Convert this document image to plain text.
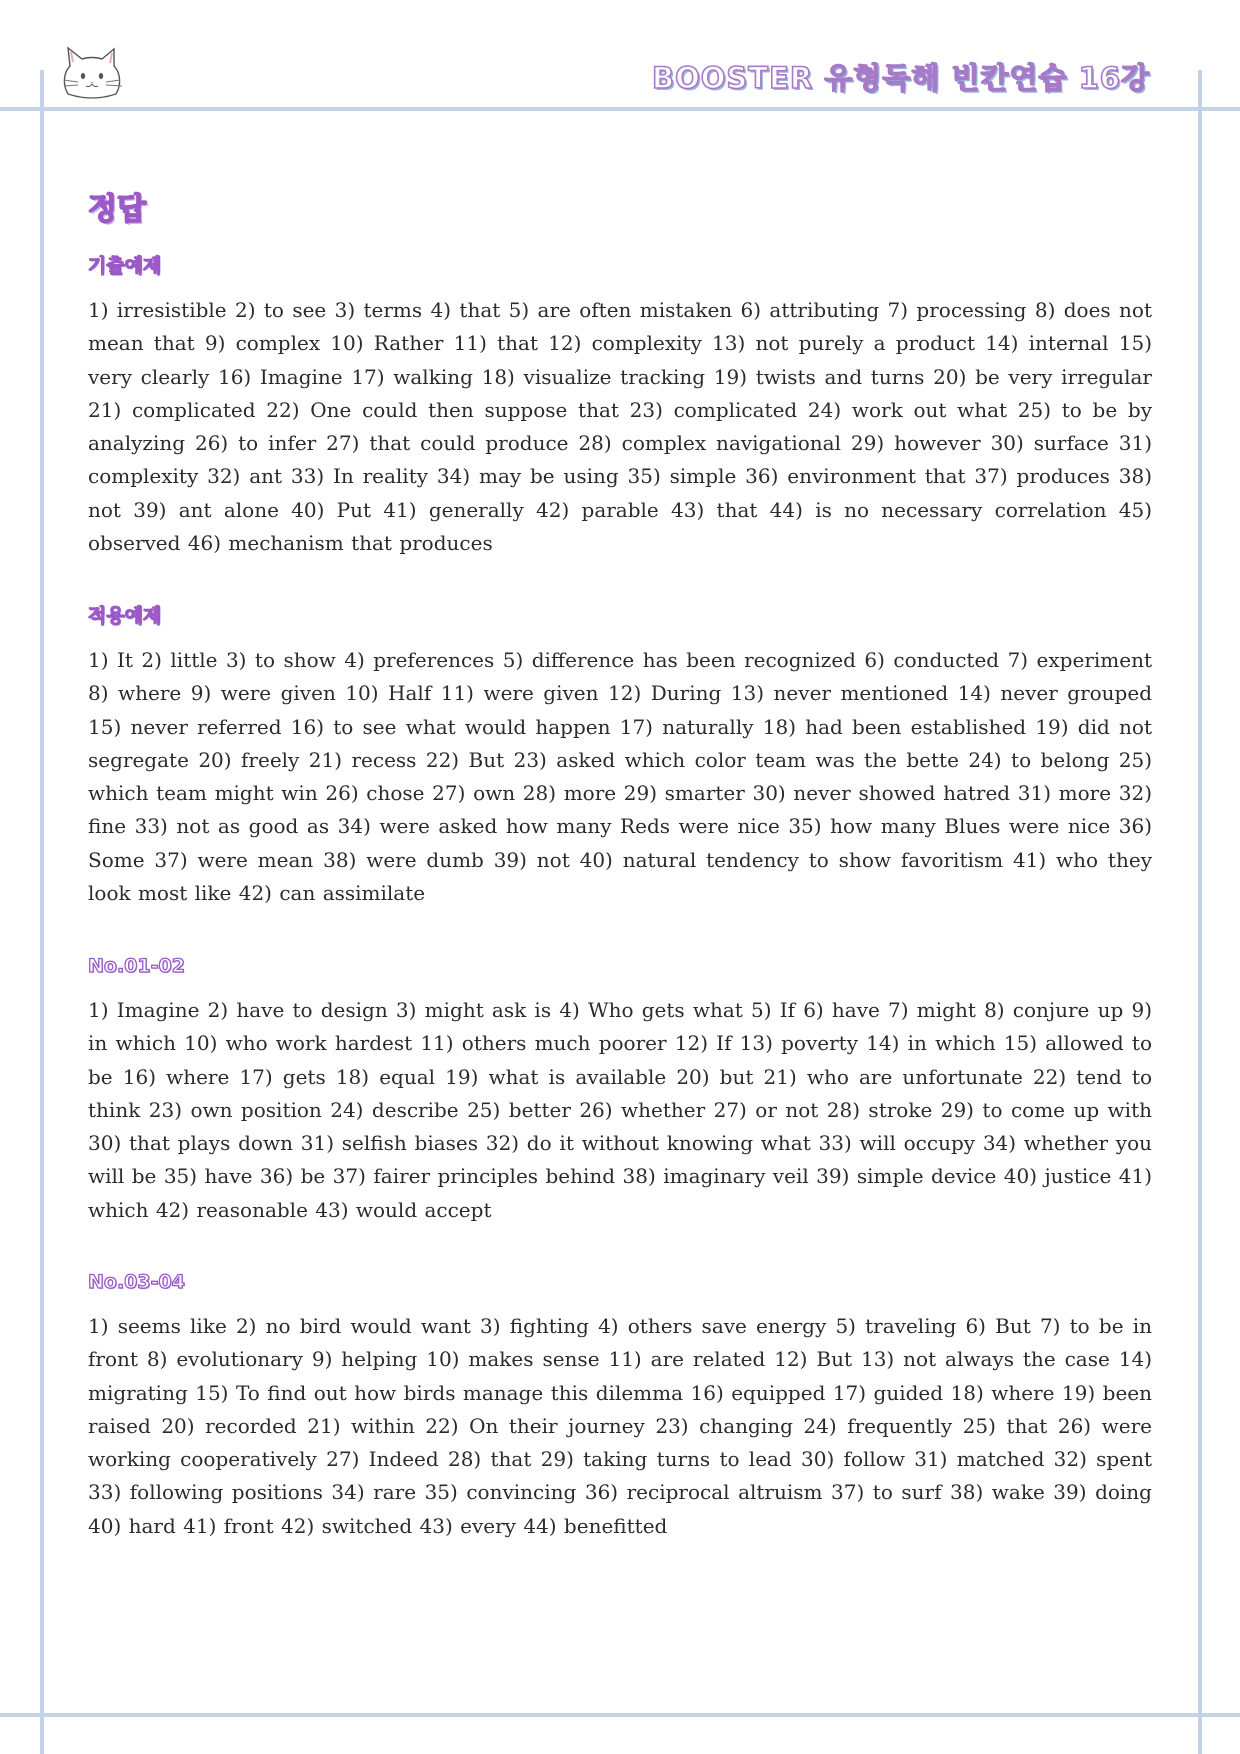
BOOSTER 유형독해 빈칸연습 16강
정답
기출예제

1) irresistible 2) to see 3) terms 4) that 5) are often mistaken 6) attributing 7) processing 8) does not mean that 9) complex 10) Rather 11) that 12) complexity 13) not purely a product 14) internal 15) very clearly 16) Imagine 17) walking 18) visualize tracking 19) twists and turns 20) be very irregular 21) complicated 22) One could then suppose that 23) complicated 24) work out what 25) to be by analyzing 26) to infer 27) that could produce 28) complex navigational 29) however 30) surface 31) complexity 32) ant 33) In reality 34) may be using 35) simple 36) environment that 37) produces 38) not 39) ant alone 40) Put 41) generally 42) parable 43) that 44) is no necessary correlation 45) observed 46) mechanism that produces

적용예제

1) It 2) little 3) to show 4) preferences 5) difference has been recognized 6) conducted 7) experiment 8) where 9) were given 10) Half 11) were given 12) During 13) never mentioned 14) never grouped 15) never referred 16) to see what would happen 17) naturally 18) had been established 19) did not segregate 20) freely 21) recess 22) But 23) asked which color team was the bette 24) to belong 25) which team might win 26) chose 27) own 28) more 29) smarter 30) never showed hatred 31) more 32) fine 33) not as good as 34) were asked how many Reds were nice 35) how many Blues were nice 36) Some 37) were mean 38) were dumb 39) not 40) natural tendency to show favoritism 41) who they look most like 42) can assimilate

No.01-02

1) Imagine 2) have to design 3) might ask is 4) Who gets what 5) If 6) have 7) might 8) conjure up 9) in which 10) who work hardest 11) others much poorer 12) If 13) poverty 14) in which 15) allowed to be 16) where 17) gets 18) equal 19) what is available 20) but 21) who are unfortunate 22) tend to think 23) own position 24) describe 25) better 26) whether 27) or not 28) stroke 29) to come up with 30) that plays down 31) selfish biases 32) do it without knowing what 33) will occupy 34) whether you will be 35) have 36) be 37) fairer principles behind 38) imaginary veil 39) simple device 40) justice 41) which 42) reasonable 43) would accept

No.03-04

1) seems like 2) no bird would want 3) fighting 4) others save energy 5) traveling 6) But 7) to be in front 8) evolutionary 9) helping 10) makes sense 11) are related 12) But 13) not always the case 14) migrating 15) To find out how birds manage this dilemma 16) equipped 17) guided 18) where 19) been raised 20) recorded 21) within 22) On their journey 23) changing 24) frequently 25) that 26) were working cooperatively 27) Indeed 28) that 29) taking turns to lead 30) follow 31) matched 32) spent 33) following positions 34) rare 35) convincing 36) reciprocal altruism 37) to surf 38) wake 39) doing 40) hard 41) front 42) switched 43) every 44) benefitted
